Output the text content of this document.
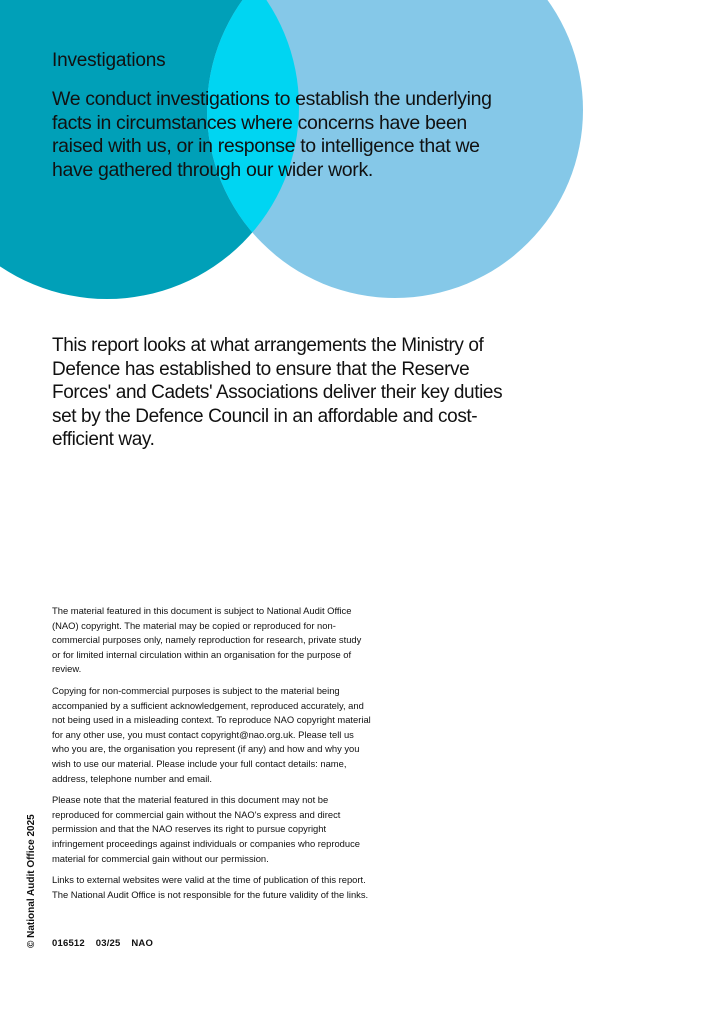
Investigations

We conduct investigations to establish the underlying facts in circumstances where concerns have been raised with us, or in response to intelligence that we have gathered through our wider work.

This report looks at what arrangements the Ministry of Defence has established to ensure that the Reserve Forces' and Cadets' Associations deliver their key duties set by the Defence Council in an affordable and cost-efficient way.

The material featured in this document is subject to National Audit Office (NAO) copyright. The material may be copied or reproduced for non-commercial purposes only, namely reproduction for research, private study or for limited internal circulation within an organisation for the purpose of review.

Copying for non-commercial purposes is subject to the material being accompanied by a sufficient acknowledgement, reproduced accurately, and not being used in a misleading context. To reproduce NAO copyright material for any other use, you must contact copyright@nao.org.uk. Please tell us who you are, the organisation you represent (if any) and how and why you wish to use our material. Please include your full contact details: name, address, telephone number and email.

Please note that the material featured in this document may not be reproduced for commercial gain without the NAO's express and direct permission and that the NAO reserves its right to pursue copyright infringement proceedings against individuals or companies who reproduce material for commercial gain without our permission.

Links to external websites were valid at the time of publication of this report. The National Audit Office is not responsible for the future validity of the links.

016512 03/25 NAO
© National Audit Office 2025
